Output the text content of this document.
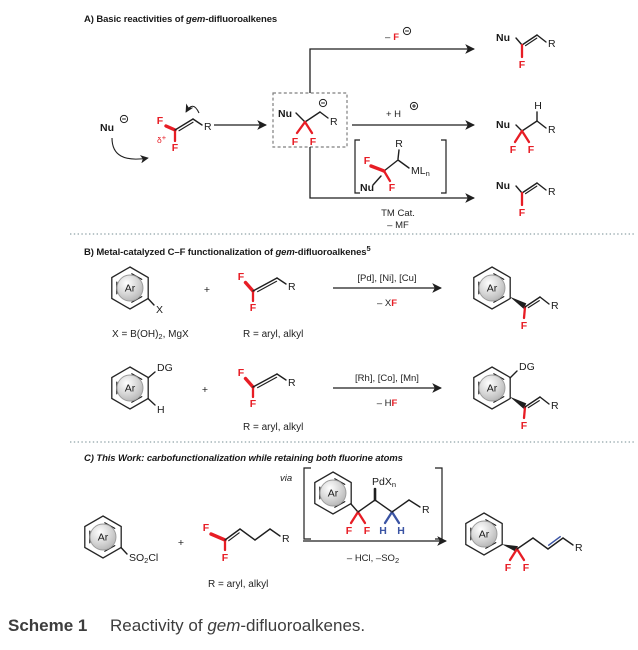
A) Basic reactivities of gem-difluoroalkenes
Nu
F
F
R
δ+
Nu
R
F F
– F
+ H
R
MLn
F
F
Nu
TM Cat.
– MF
Nu
F
R
H
Nu	R
F F
Nu
F
R
B) Metal-catalyzed C–F functionalization of gem-difluoroalkenes$^5$
Ar
X
+
F
F
R
$X = B(OH)_2$, MgX	R = aryl, alkyl
[Pd], [Ni], [Cu]
– XF
Ar
F
R
Ar
DG
H
+
F
F
R
R = aryl, alkyl
[Rh], [Co], [Mn]
– HF
Ar
DG
F
R
C) This Work: carbofunctionalization while retaining both fluorine atoms
via
Ar
F F
PdXn
H H
R
Ar
SO2Cl
+
F
F
R
R = aryl, alkyl
– HCl, $-SO_2$
Ar
F F
R
Scheme 1 Reactivity of gem-difluoroalkenes.
